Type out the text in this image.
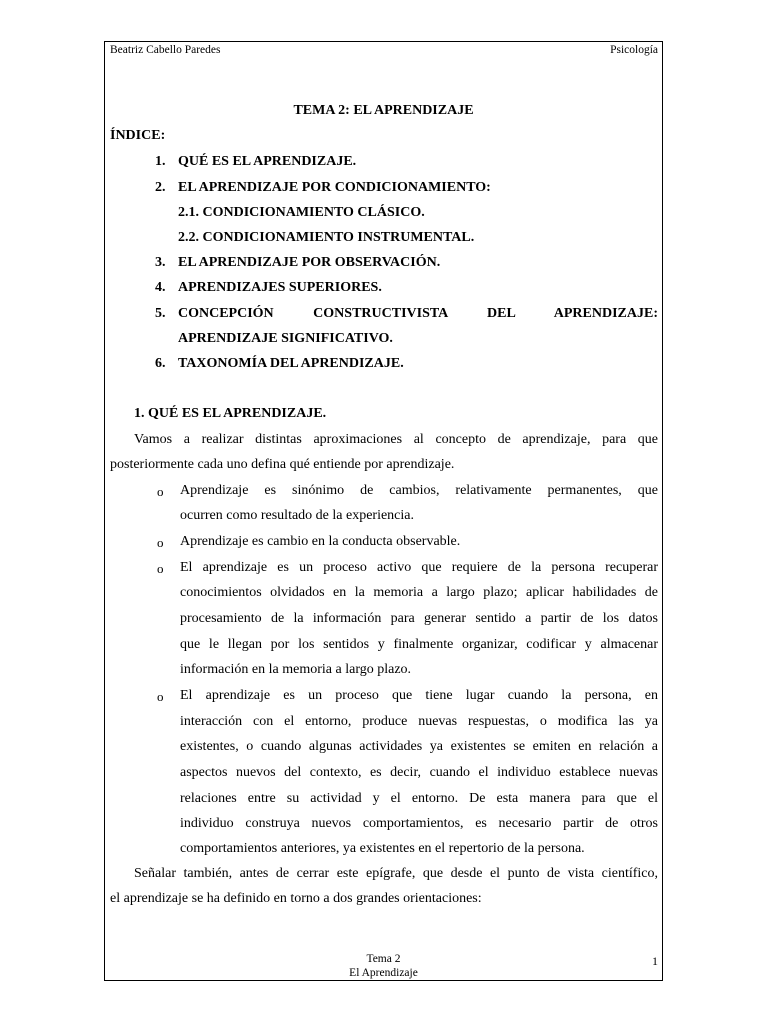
Beatriz Cabello Paredes	Psicología
TEMA 2: EL APRENDIZAJE
ÍNDICE:
1. QUÉ ES EL APRENDIZAJE.
2. EL APRENDIZAJE POR CONDICIONAMIENTO:
2.1. CONDICIONAMIENTO CLÁSICO.
2.2. CONDICIONAMIENTO INSTRUMENTAL.
3. EL APRENDIZAJE POR OBSERVACIÓN.
4. APRENDIZAJES SUPERIORES.
5. CONCEPCIÓN CONSTRUCTIVISTA DEL APRENDIZAJE:
APRENDIZAJE SIGNIFICATIVO.
6. TAXONOMÍA DEL APRENDIZAJE.
1. QUÉ ES EL APRENDIZAJE.
Vamos a realizar distintas aproximaciones al concepto de aprendizaje, para que
posteriormente cada uno defina qué entiende por aprendizaje.
o Aprendizaje es sinónimo de cambios, relativamente permanentes, que
ocurren como resultado de la experiencia.
o Aprendizaje es cambio en la conducta observable.
o El aprendizaje es un proceso activo que requiere de la persona recuperar
conocimientos olvidados en la memoria a largo plazo; aplicar habilidades de
procesamiento de la información para generar sentido a partir de los datos
que le llegan por los sentidos y finalmente organizar, codificar y almacenar
información en la memoria a largo plazo.
o El aprendizaje es un proceso que tiene lugar cuando la persona, en
interacción con el entorno, produce nuevas respuestas, o modifica las ya
existentes, o cuando algunas actividades ya existentes se emiten en relación a
aspectos nuevos del contexto, es decir, cuando el individuo establece nuevas
relaciones entre su actividad y el entorno. De esta manera para que el
individuo construya nuevos comportamientos, es necesario partir de otros
comportamientos anteriores, ya existentes en el repertorio de la persona.
Señalar también, antes de cerrar este epígrafe, que desde el punto de vista científico,
el aprendizaje se ha definido en torno a dos grandes orientaciones:
Tema 2
El Aprendizaje
1
